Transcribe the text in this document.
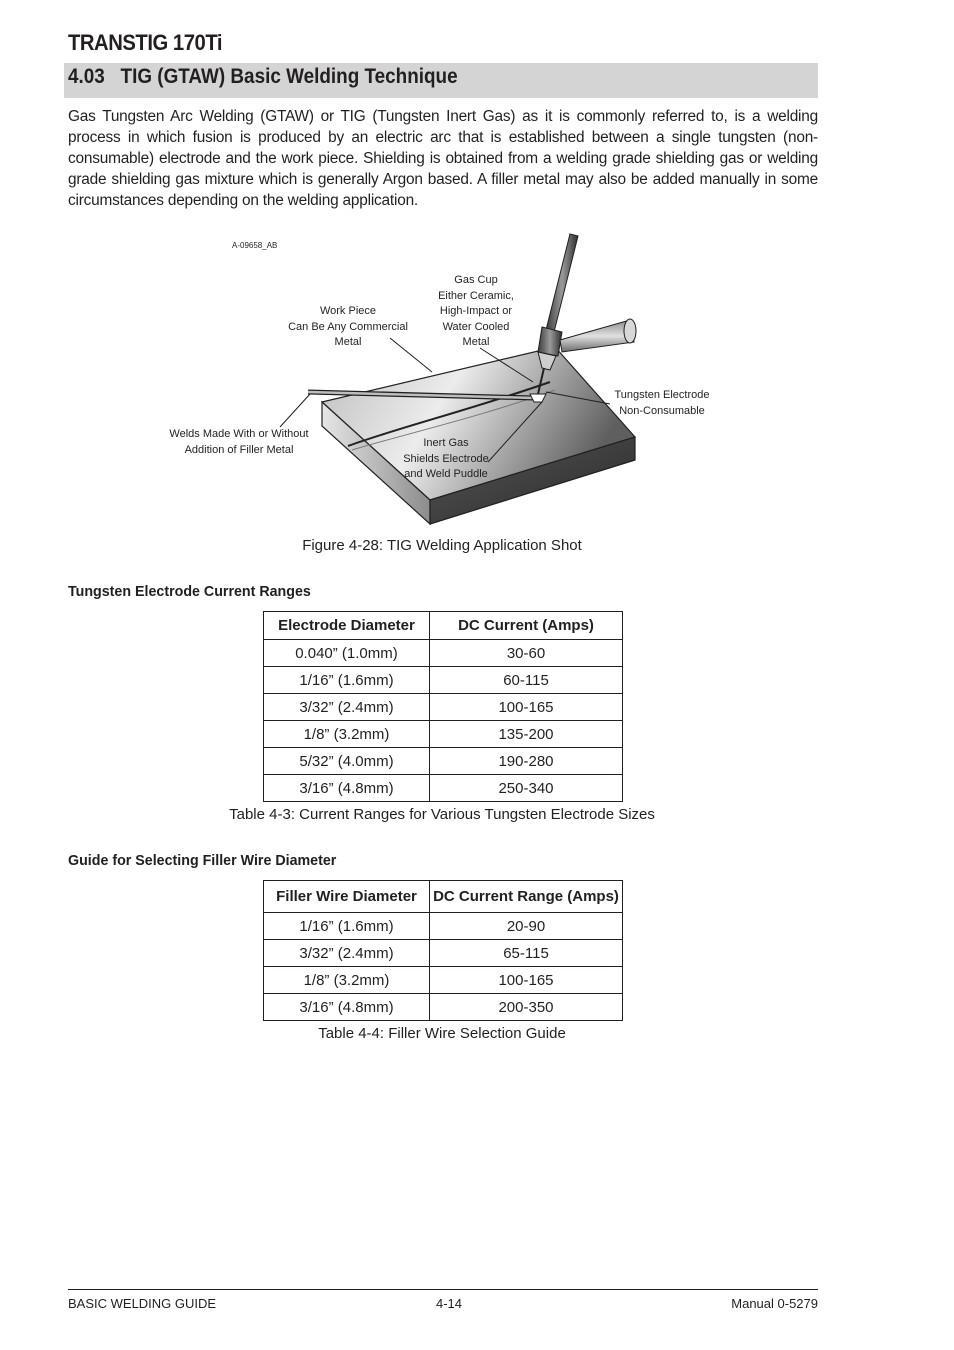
TRANSTIG 170Ti
4.03   TIG (GTAW) Basic Welding Technique
Gas Tungsten Arc Welding (GTAW) or TIG (Tungsten Inert Gas) as it is commonly referred to, is a welding process in which fusion is produced by an electric arc that is established between a single tungsten (non-consumable) electrode and the work piece. Shielding is obtained from a welding grade shielding gas or welding grade shielding gas mixture which is generally Argon based. A filler metal may also be added manually in some circumstances depending on the welding application.
A-09658_AB
Work Piece
Can Be Any Commercial
Metal
Gas Cup
Either Ceramic,
High-Impact or
Water Cooled
Metal
Tungsten Electrode
Non-Consumable
Welds Made With or Without
Addition of Filler Metal
Inert Gas
Shields Electrode
and Weld Puddle
Figure 4-28: TIG Welding Application Shot
Tungsten Electrode Current Ranges
Electrode Diameter	DC Current (Amps)
0.040” (1.0mm)	30-60
1/16” (1.6mm)	60-115
3/32” (2.4mm)	100-165
1/8” (3.2mm)	135-200
5/32” (4.0mm)	190-280
3/16” (4.8mm)	250-340
Table 4-3: Current Ranges for Various Tungsten Electrode Sizes
Guide for Selecting Filler Wire Diameter
Filler Wire Diameter	DC Current Range (Amps)
1/16” (1.6mm)	20-90
3/32” (2.4mm)	65-115
1/8” (3.2mm)	100-165
3/16” (4.8mm)	200-350
Table 4-4: Filler Wire Selection Guide
BASIC WELDING GUIDE	4-14	Manual 0-5279
